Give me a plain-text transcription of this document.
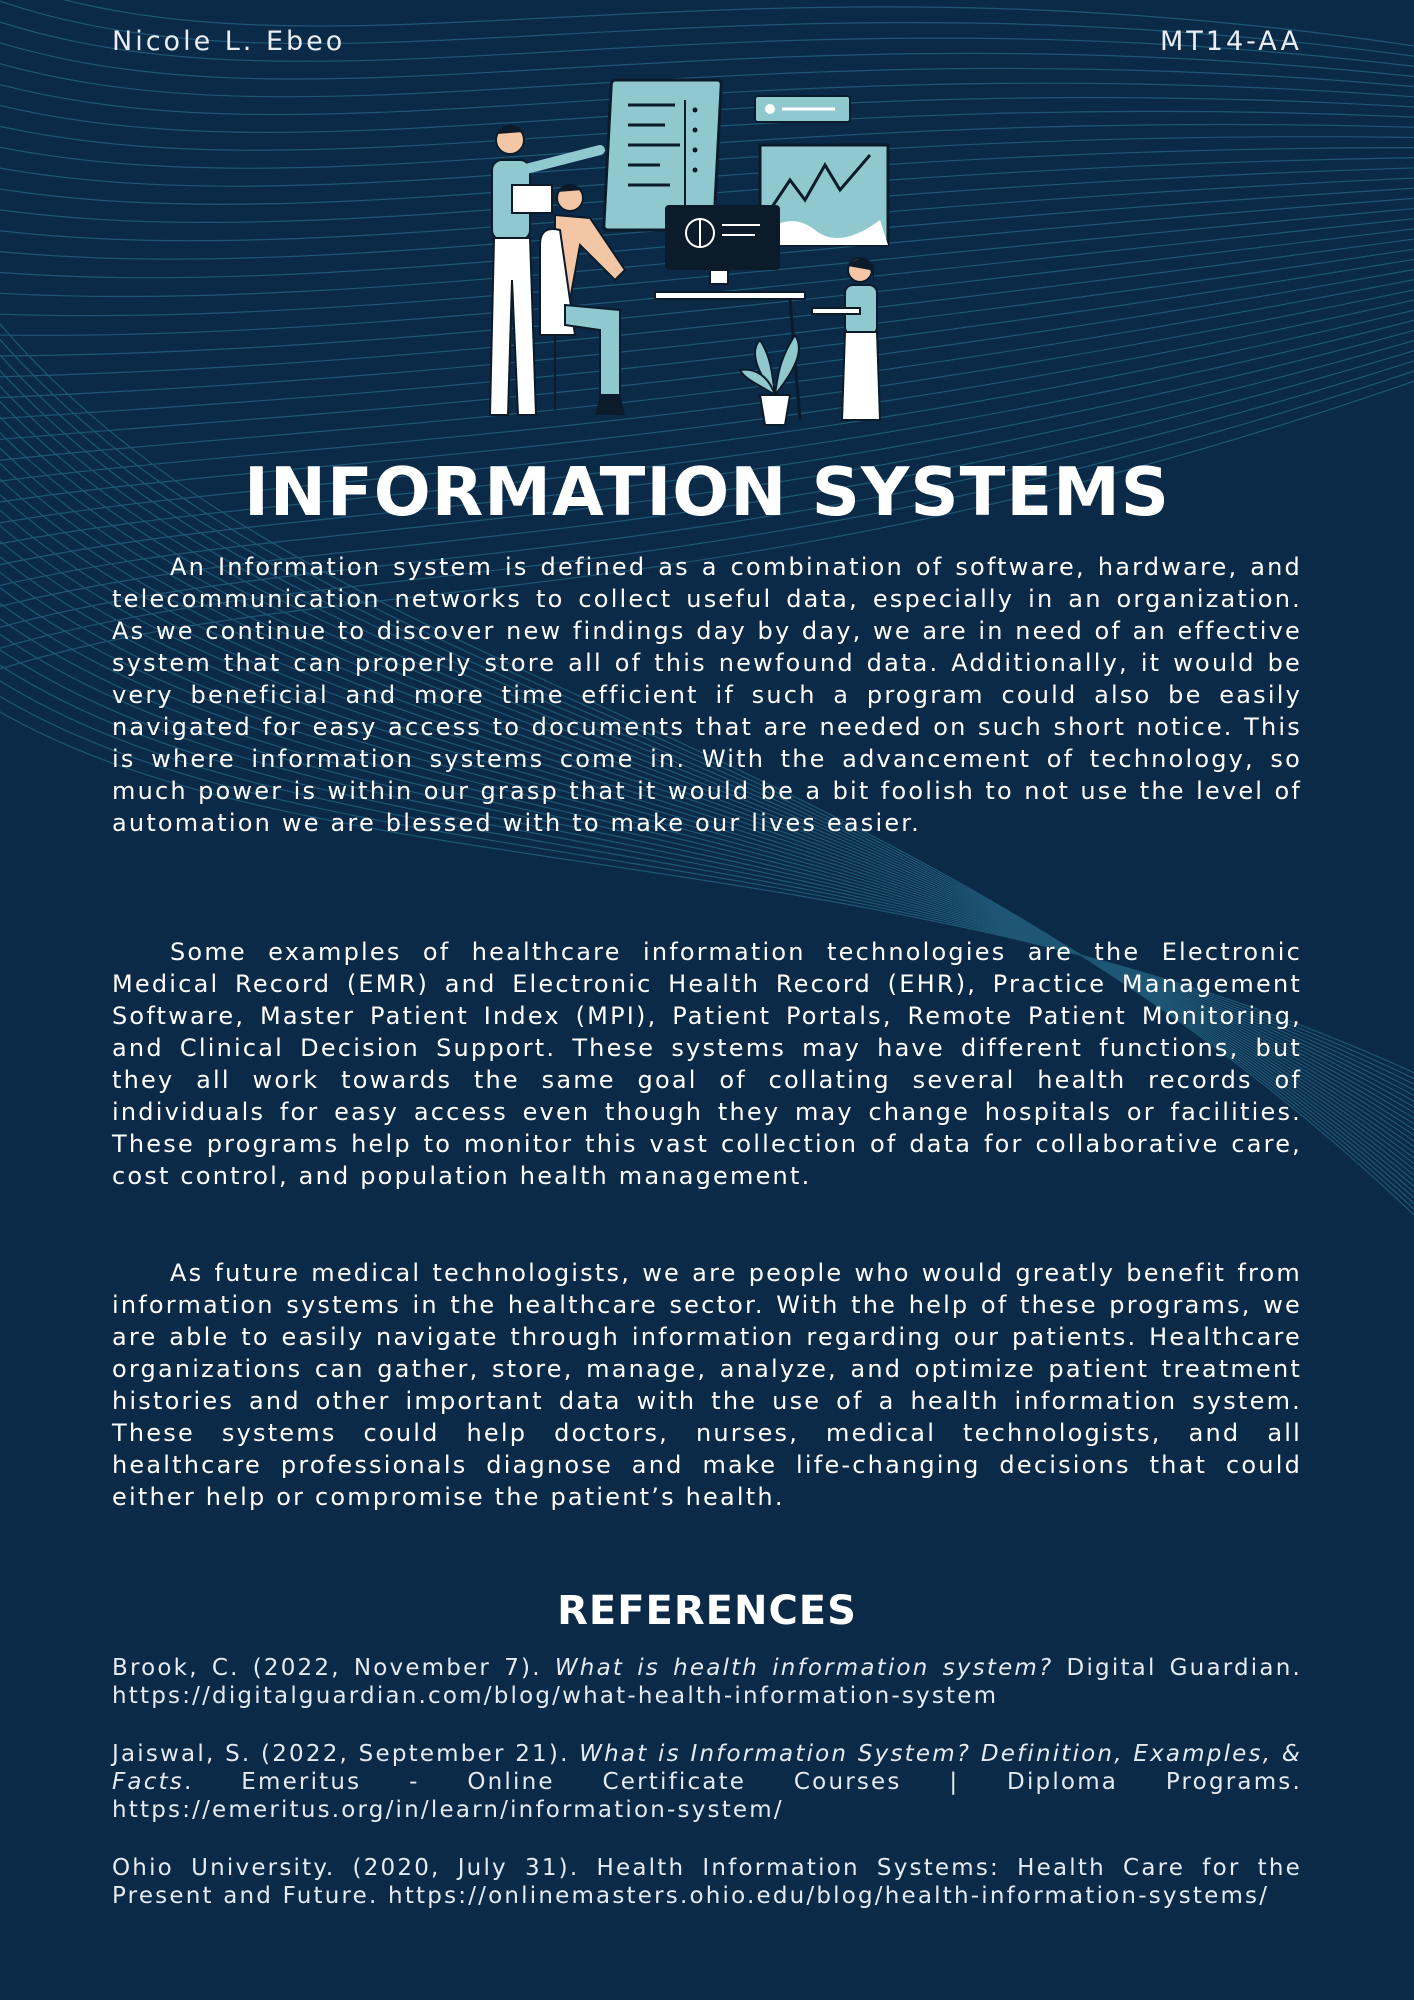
Nicole L. Ebeo	MT14-AA
INFORMATION SYSTEMS

An Information system is defined as a combination of software, hardware, and telecommunication networks to collect useful data, especially in an organization. As we continue to discover new findings day by day, we are in need of an effective system that can properly store all of this newfound data. Additionally, it would be very beneficial and more time efficient if such a program could also be easily navigated for easy access to documents that are needed on such short notice. This is where information systems come in. With the advancement of technology, so much power is within our grasp that it would be a bit foolish to not use the level of automation we are blessed with to make our lives easier.

Some examples of healthcare information technologies are the Electronic Medical Record (EMR) and Electronic Health Record (EHR), Practice Management Software, Master Patient Index (MPI), Patient Portals, Remote Patient Monitoring, and Clinical Decision Support. These systems may have different functions, but they all work towards the same goal of collating several health records of individuals for easy access even though they may change hospitals or facilities. These programs help to monitor this vast collection of data for collaborative care, cost control, and population health management.

As future medical technologists, we are people who would greatly benefit from information systems in the healthcare sector. With the help of these programs, we are able to easily navigate through information regarding our patients. Healthcare organizations can gather, store, manage, analyze, and optimize patient treatment histories and other important data with the use of a health information system. These systems could help doctors, nurses, medical technologists, and all healthcare professionals diagnose and make life-changing decisions that could either help or compromise the patient’s health.

REFERENCES

Brook, C. (2022, November 7). What is health information system? Digital Guardian. https://digitalguardian.com/blog/what-health-information-system

Jaiswal, S. (2022, September 21). What is Information System? Definition, Examples, & Facts. Emeritus - Online Certificate Courses | Diploma Programs. https://emeritus.org/in/learn/information-system/

Ohio University. (2020, July 31). Health Information Systems: Health Care for the Present and Future. https://onlinemasters.ohio.edu/blog/health-information-systems/
